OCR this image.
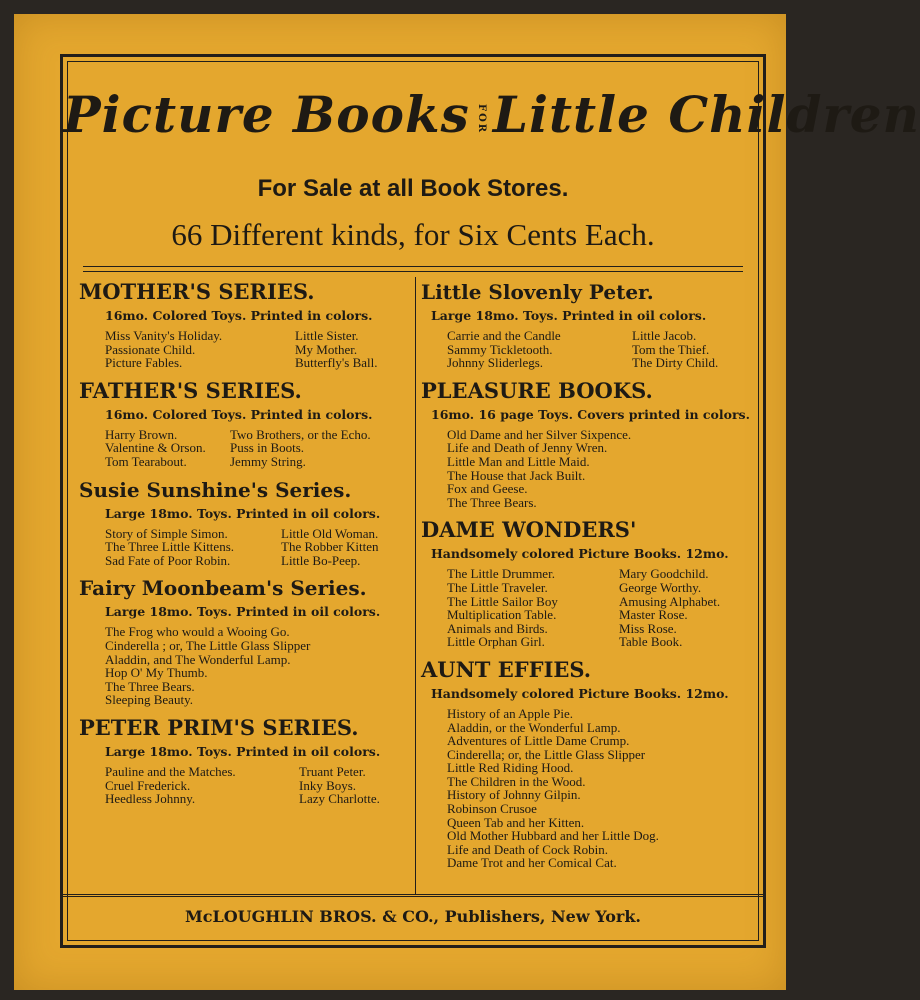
Picture Books FOR Little Children
For Sale at all Book Stores.
66 Different kinds, for Six Cents Each.
MOTHER'S SERIES.
16mo. Colored Toys. Printed in colors.
Miss Vanity's Holiday.
Passionate Child.
Picture Fables.
Little Sister.
My Mother.
Butterfly's Ball.
FATHER'S SERIES.
16mo. Colored Toys. Printed in colors.
Harry Brown.
Valentine & Orson.
Tom Tearabout.
Two Brothers, or the Echo.
Puss in Boots.
Jemmy String.
Susie Sunshine's Series.
Large 18mo. Toys. Printed in oil colors.
Story of Simple Simon.
The Three Little Kittens.
Sad Fate of Poor Robin.
Little Old Woman.
The Robber Kitten
Little Bo-Peep.
Fairy Moonbeam's Series.
Large 18mo. Toys. Printed in oil colors.
The Frog who would a Wooing Go.
Cinderella ; or, The Little Glass Slipper
Aladdin, and The Wonderful Lamp.
Hop O' My Thumb.
The Three Bears.
Sleeping Beauty.
PETER PRIM'S SERIES.
Large 18mo. Toys. Printed in oil colors.
Pauline and the Matches.
Cruel Frederick.
Heedless Johnny.
Truant Peter.
Inky Boys.
Lazy Charlotte.
Little Slovenly Peter.
Large 18mo. Toys. Printed in oil colors.
Carrie and the Candle
Sammy Tickletooth.
Johnny Sliderlegs.
Little Jacob.
Tom the Thief.
The Dirty Child.
PLEASURE BOOKS.
16mo. 16 page Toys. Covers printed in colors.
Old Dame and her Silver Sixpence.
Life and Death of Jenny Wren.
Little Man and Little Maid.
The House that Jack Built.
Fox and Geese.
The Three Bears.
DAME WONDERS'
Handsomely colored Picture Books. 12mo.
The Little Drummer.
The Little Traveler.
The Little Sailor Boy
Multiplication Table.
Animals and Birds.
Little Orphan Girl.
Mary Goodchild.
George Worthy.
Amusing Alphabet.
Master Rose.
Miss Rose.
Table Book.
AUNT EFFIES.
Handsomely colored Picture Books. 12mo.
History of an Apple Pie.
Aladdin, or the Wonderful Lamp.
Adventures of Little Dame Crump.
Cinderella; or, the Little Glass Slipper
Little Red Riding Hood.
The Children in the Wood.
History of Johnny Gilpin.
Robinson Crusoe
Queen Tab and her Kitten.
Old Mother Hubbard and her Little Dog.
Life and Death of Cock Robin.
Dame Trot and her Comical Cat.
McLOUGHLIN BROS. & CO., Publishers, New York.
